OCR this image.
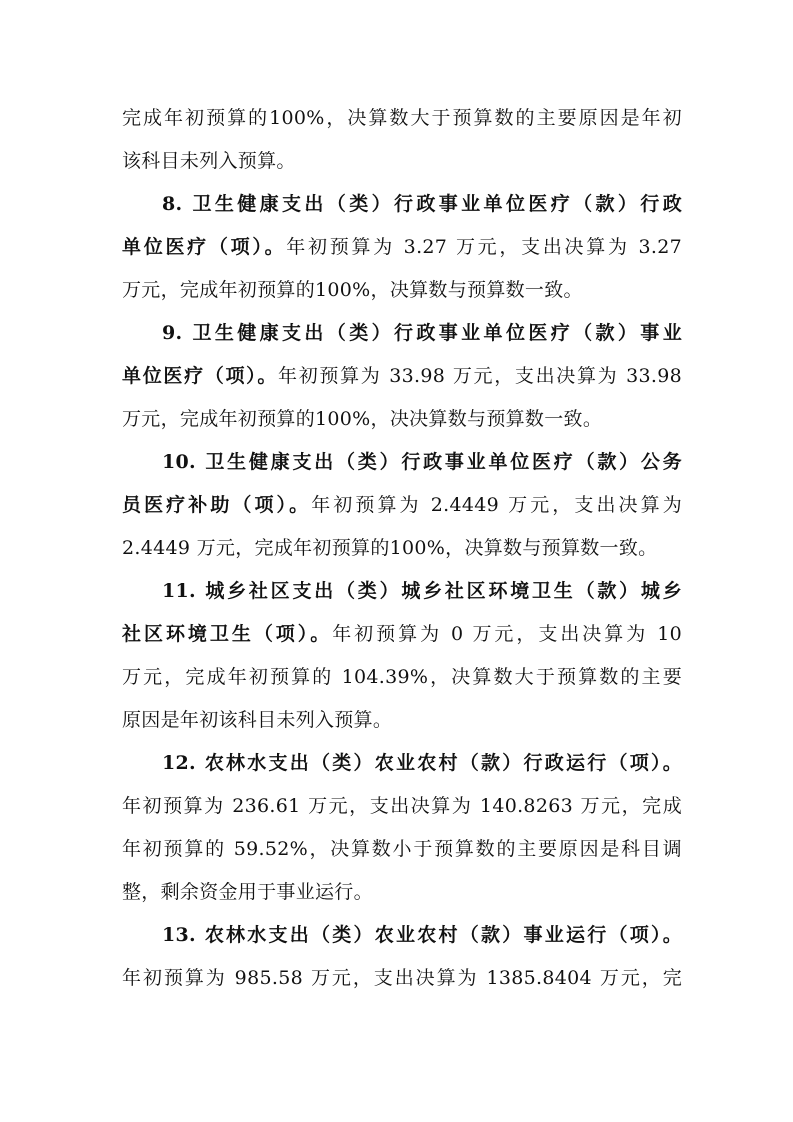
完成年初预算的100%，决算数大于预算数的主要原因是年初
该科目未列入预算。
8. 卫生健康支出（类）行政事业单位医疗（款）行政
单位医疗（项）。年初预算为 3.27 万元，支出决算为 3.27
万元，完成年初预算的100%，决算数与预算数一致。
9. 卫生健康支出（类）行政事业单位医疗（款）事业
单位医疗（项）。年初预算为 33.98 万元，支出决算为 33.98
万元，完成年初预算的100%，决决算数与预算数一致。
10. 卫生健康支出（类）行政事业单位医疗（款）公务
员医疗补助（项）。年初预算为 2.4449 万元，支出决算为
2.4449 万元，完成年初预算的100%，决算数与预算数一致。
11. 城乡社区支出（类）城乡社区环境卫生（款）城乡
社区环境卫生（项）。年初预算为 0 万元，支出决算为 10
万元，完成年初预算的 104.39%，决算数大于预算数的主要
原因是年初该科目未列入预算。
12. 农林水支出（类）农业农村（款）行政运行（项）。
年初预算为 236.61 万元，支出决算为 140.8263 万元，完成
年初预算的 59.52%，决算数小于预算数的主要原因是科目调
整，剩余资金用于事业运行。
13. 农林水支出（类）农业农村（款）事业运行（项）。
年初预算为 985.58 万元，支出决算为 1385.8404 万元，完
